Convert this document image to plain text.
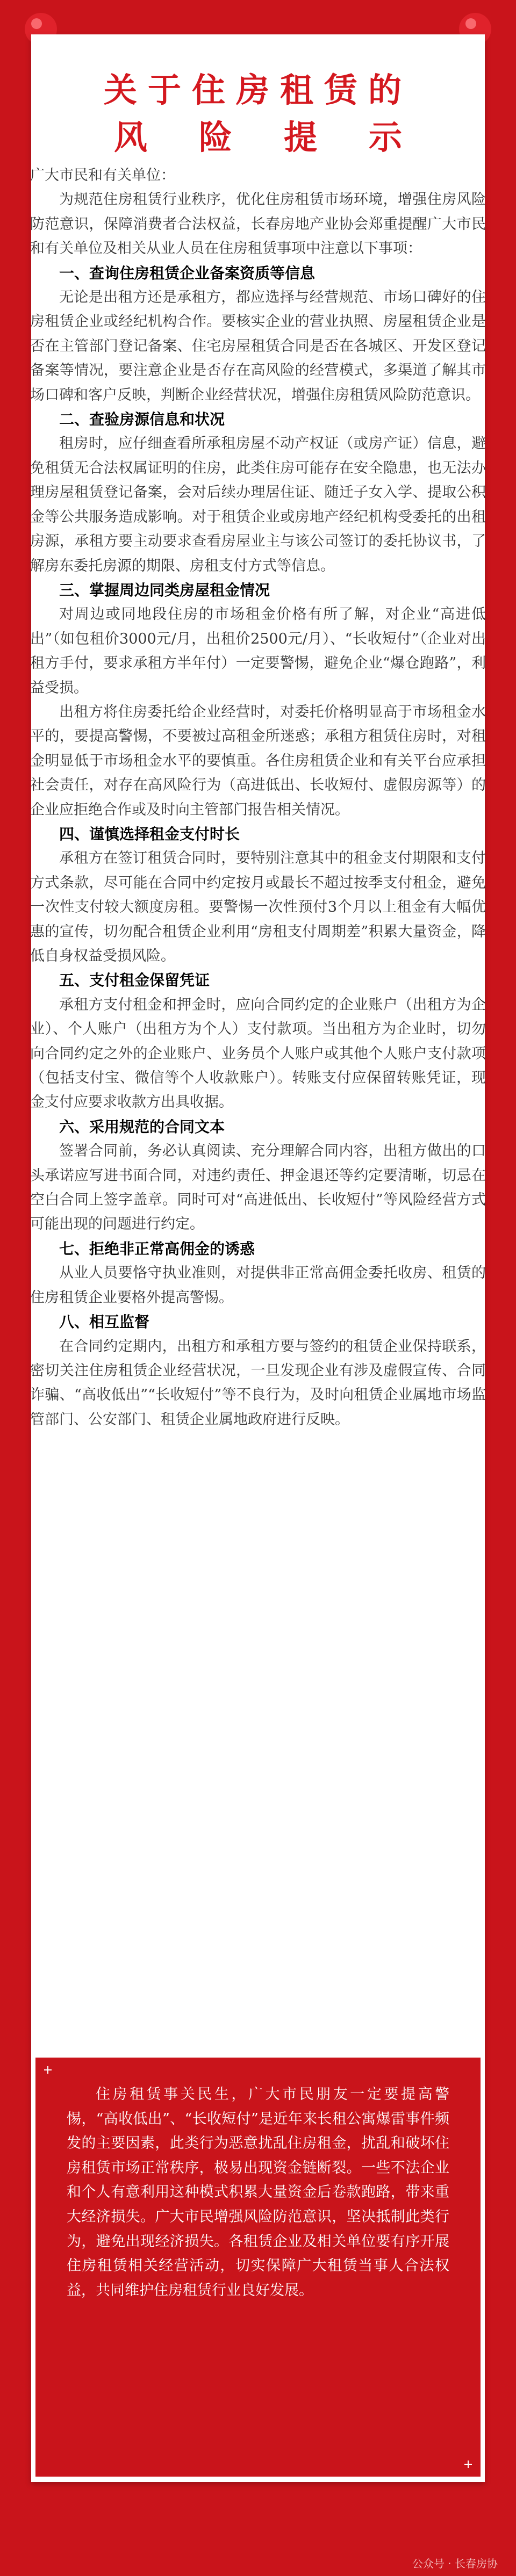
关于住房租赁的
风险提示

广大市民和有关单位：

为规范住房租赁行业秩序，优化住房租赁市场环境，增强住房风险防范意识，保障消费者合法权益，长春房地产业协会郑重提醒广大市民和有关单位及相关从业人员在住房租赁事项中注意以下事项：

一、查询住房租赁企业备案资质等信息

无论是出租方还是承租方，都应选择与经营规范、市场口碑好的住房租赁企业或经纪机构合作。要核实企业的营业执照、房屋租赁企业是否在主管部门登记备案、住宅房屋租赁合同是否在各城区、开发区登记备案等情况，要注意企业是否存在高风险的经营模式，多渠道了解其市场口碑和客户反映，判断企业经营状况，增强住房租赁风险防范意识。

二、查验房源信息和状况

租房时，应仔细查看所承租房屋不动产权证（或房产证）信息，避免租赁无合法权属证明的住房，此类住房可能存在安全隐患，也无法办理房屋租赁登记备案，会对后续办理居住证、随迁子女入学、提取公积金等公共服务造成影响。对于租赁企业或房地产经纪机构受委托的出租房源，承租方要主动要求查看房屋业主与该公司签订的委托协议书，了解房东委托房源的期限、房租支付方式等信息。

三、掌握周边同类房屋租金情况

对周边或同地段住房的市场租金价格有所了解，对企业“高进低出”（如包租价3000元/月，出租价2500元/月）、“长收短付”（企业对出租方手付，要求承租方半年付）一定要警惕，避免企业“爆仓跑路”，利益受损。

出租方将住房委托给企业经营时，对委托价格明显高于市场租金水平的，要提高警惕，不要被过高租金所迷惑；承租方租赁住房时，对租金明显低于市场租金水平的要慎重。各住房租赁企业和有关平台应承担社会责任，对存在高风险行为（高进低出、长收短付、虚假房源等）的企业应拒绝合作或及时向主管部门报告相关情况。

四、谨慎选择租金支付时长

承租方在签订租赁合同时，要特别注意其中的租金支付期限和支付方式条款，尽可能在合同中约定按月或最长不超过按季支付租金，避免一次性支付较大额度房租。要警惕一次性预付3个月以上租金有大幅优惠的宣传，切勿配合租赁企业利用“房租支付周期差”积累大量资金，降低自身权益受损风险。

五、支付租金保留凭证

承租方支付租金和押金时，应向合同约定的企业账户（出租方为企业）、个人账户（出租方为个人）支付款项。当出租方为企业时，切勿向合同约定之外的企业账户、业务员个人账户或其他个人账户支付款项（包括支付宝、微信等个人收款账户）。转账支付应保留转账凭证，现金支付应要求收款方出具收据。

六、采用规范的合同文本

签署合同前，务必认真阅读、充分理解合同内容，出租方做出的口头承诺应写进书面合同，对违约责任、押金退还等约定要清晰，切忌在空白合同上签字盖章。同时可对“高进低出、长收短付”等风险经营方式可能出现的问题进行约定。

七、拒绝非正常高佣金的诱惑

从业人员要恪守执业准则，对提供非正常高佣金委托收房、租赁的住房租赁企业要格外提高警惕。

八、相互监督

在合同约定期内，出租方和承租方要与签约的租赁企业保持联系，密切关注住房租赁企业经营状况，一旦发现企业有涉及虚假宣传、合同诈骗、“高收低出”“长收短付”等不良行为，及时向租赁企业属地市场监管部门、公安部门、租赁企业属地政府进行反映。

住房租赁事关民生，广大市民朋友一定要提高警惕，“高收低出”、“长收短付”是近年来长租公寓爆雷事件频发的主要因素，此类行为恶意扰乱住房租金，扰乱和破坏住房租赁市场正常秩序，极易出现资金链断裂。一些不法企业和个人有意利用这种模式积累大量资金后卷款跑路，带来重大经济损失。广大市民增强风险防范意识，坚决抵制此类行为，避免出现经济损失。各租赁企业及相关单位要有序开展住房租赁相关经营活动，切实保障广大租赁当事人合法权益，共同维护住房租赁行业良好发展。
公众号 · 长春房协
